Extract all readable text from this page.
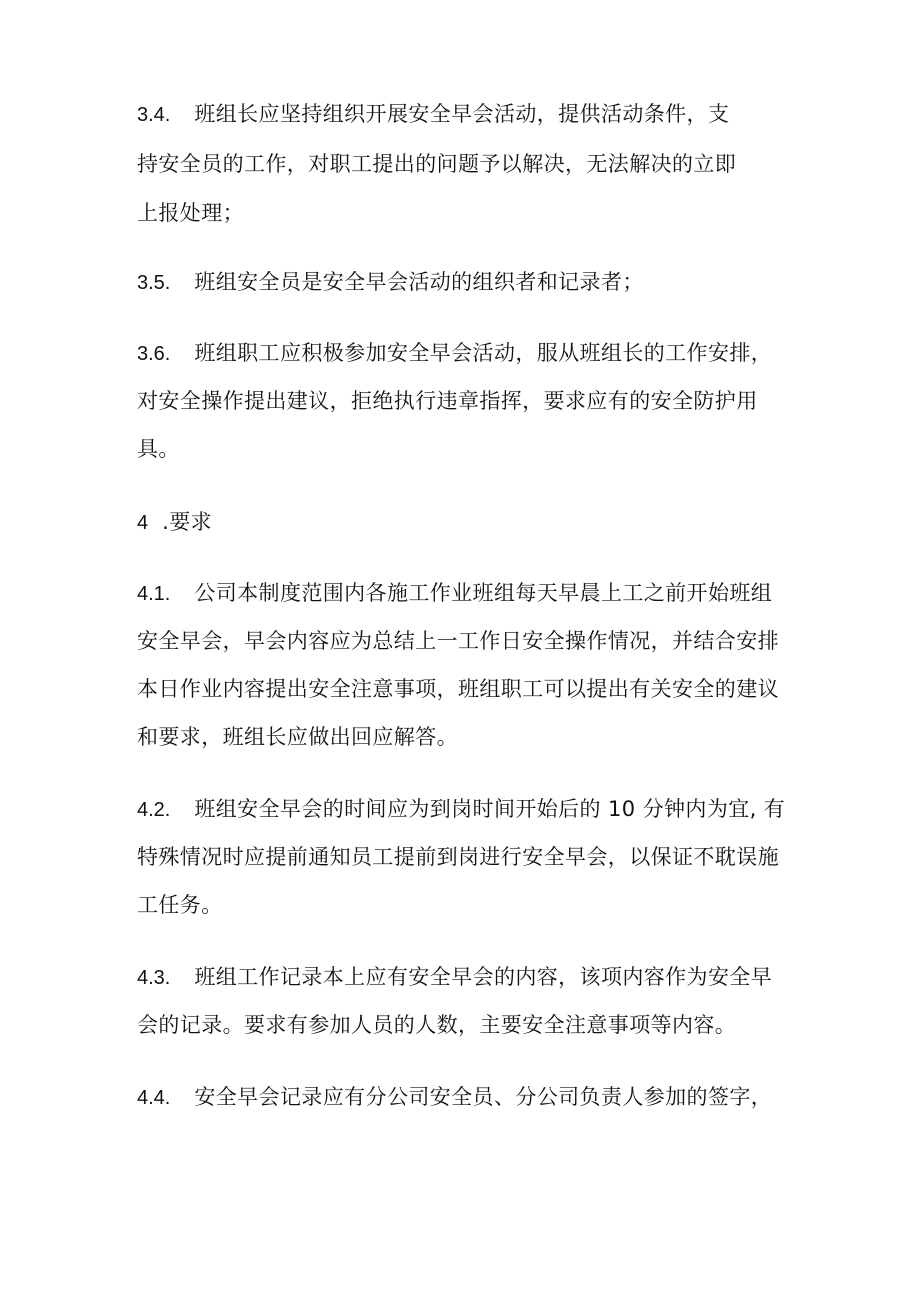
3.4. 班组长应坚持组织开展安全早会活动，提供活动条件，支
持安全员的工作，对职工提出的问题予以解决，无法解决的立即
上报处理；
3.5. 班组安全员是安全早会活动的组织者和记录者；
3.6. 班组职工应积极参加安全早会活动，服从班组长的工作安排，
对安全操作提出建议，拒绝执行违章指挥，要求应有的安全防护用
具。
4 .要求
4.1. 公司本制度范围内各施工作业班组每天早晨上工之前开始班组
安全早会，早会内容应为总结上一工作日安全操作情况，并结合安排
本日作业内容提出安全注意事项，班组职工可以提出有关安全的建议
和要求，班组长应做出回应解答。
4.2. 班组安全早会的时间应为到岗时间开始后的 10 分钟内为宜, 有
特殊情况时应提前通知员工提前到岗进行安全早会，以保证不耽误施
工任务。
4.3. 班组工作记录本上应有安全早会的内容，该项内容作为安全早
会的记录。要求有参加人员的人数，主要安全注意事项等内容。
4.4. 安全早会记录应有分公司安全员、分公司负责人参加的签字，
